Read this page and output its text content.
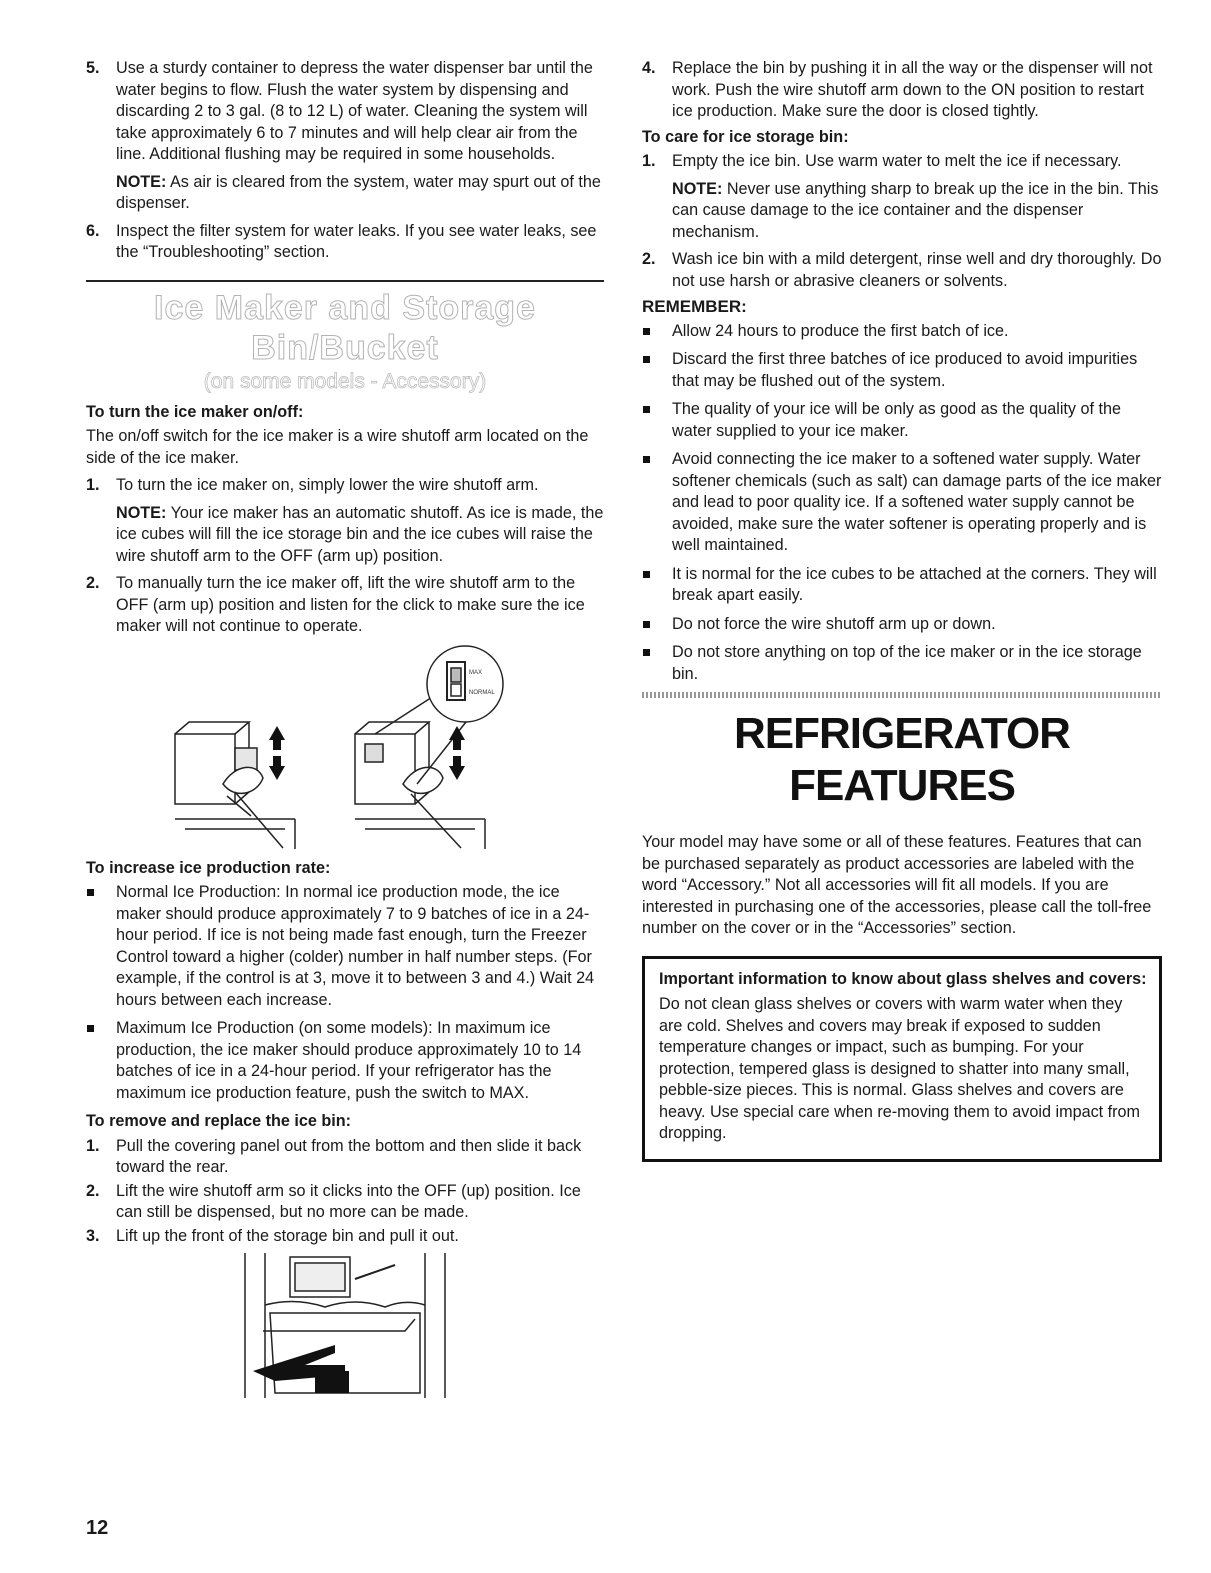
5. Use a sturdy container to depress the water dispenser bar until the water begins to flow. Flush the water system by dispensing and discarding 2 to 3 gal. (8 to 12 L) of water. Cleaning the system will take approximately 6 to 7 minutes and will help clear air from the line. Additional flushing may be required in some households.

NOTE: As air is cleared from the system, water may spurt out of the dispenser.

6. Inspect the filter system for water leaks. If you see water leaks, see the “Troubleshooting” section.

Ice Maker and Storage Bin/Bucket
(on some models - Accessory)

To turn the ice maker on/off:

The on/off switch for the ice maker is a wire shutoff arm located on the side of the ice maker.

1. To turn the ice maker on, simply lower the wire shutoff arm.

NOTE: Your ice maker has an automatic shutoff. As ice is made, the ice cubes will fill the ice storage bin and the ice cubes will raise the wire shutoff arm to the OFF (arm up) position.

2. To manually turn the ice maker off, lift the wire shutoff arm to the OFF (arm up) position and listen for the click to make sure the ice maker will not continue to operate.

MAX
NORMAL

To increase ice production rate:

Normal Ice Production: In normal ice production mode, the ice maker should produce approximately 7 to 9 batches of ice in a 24-hour period. If ice is not being made fast enough, turn the Freezer Control toward a higher (colder) number in half number steps. (For example, if the control is at 3, move it to between 3 and 4.) Wait 24 hours between each increase.
Maximum Ice Production (on some models): In maximum ice production, the ice maker should produce approximately 10 to 14 batches of ice in a 24-hour period. If your refrigerator has the maximum ice production feature, push the switch to MAX.

To remove and replace the ice bin:

1. Pull the covering panel out from the bottom and then slide it back toward the rear.

2. Lift the wire shutoff arm so it clicks into the OFF (up) position. Ice can still be dispensed, but no more can be made.

3. Lift up the front of the storage bin and pull it out.

4. Replace the bin by pushing it in all the way or the dispenser will not work. Push the wire shutoff arm down to the ON position to restart ice production. Make sure the door is closed tightly.

To care for ice storage bin:

1. Empty the ice bin. Use warm water to melt the ice if necessary.

NOTE: Never use anything sharp to break up the ice in the bin. This can cause damage to the ice container and the dispenser mechanism.

2. Wash ice bin with a mild detergent, rinse well and dry thoroughly. Do not use harsh or abrasive cleaners or solvents.

REMEMBER:

Allow 24 hours to produce the first batch of ice.
Discard the first three batches of ice produced to avoid impurities that may be flushed out of the system.
The quality of your ice will be only as good as the quality of the water supplied to your ice maker.
Avoid connecting the ice maker to a softened water supply. Water softener chemicals (such as salt) can damage parts of the ice maker and lead to poor quality ice. If a softened water supply cannot be avoided, make sure the water softener is operating properly and is well maintained.
It is normal for the ice cubes to be attached at the corners. They will break apart easily.
Do not force the wire shutoff arm up or down.
Do not store anything on top of the ice maker or in the ice storage bin.
REFRIGERATOR
FEATURES

Your model may have some or all of these features. Features that can be purchased separately as product accessories are labeled with the word “Accessory.” Not all accessories will fit all models. If you are interested in purchasing one of the accessories, please call the toll-free number on the cover or in the “Accessories” section.

Important information to know about glass shelves and covers:

Do not clean glass shelves or covers with warm water when they are cold. Shelves and covers may break if exposed to sudden temperature changes or impact, such as bumping. For your protection, tempered glass is designed to shatter into many small, pebble-size pieces. This is normal. Glass shelves and covers are heavy. Use special care when re-moving them to avoid impact from dropping.

12
